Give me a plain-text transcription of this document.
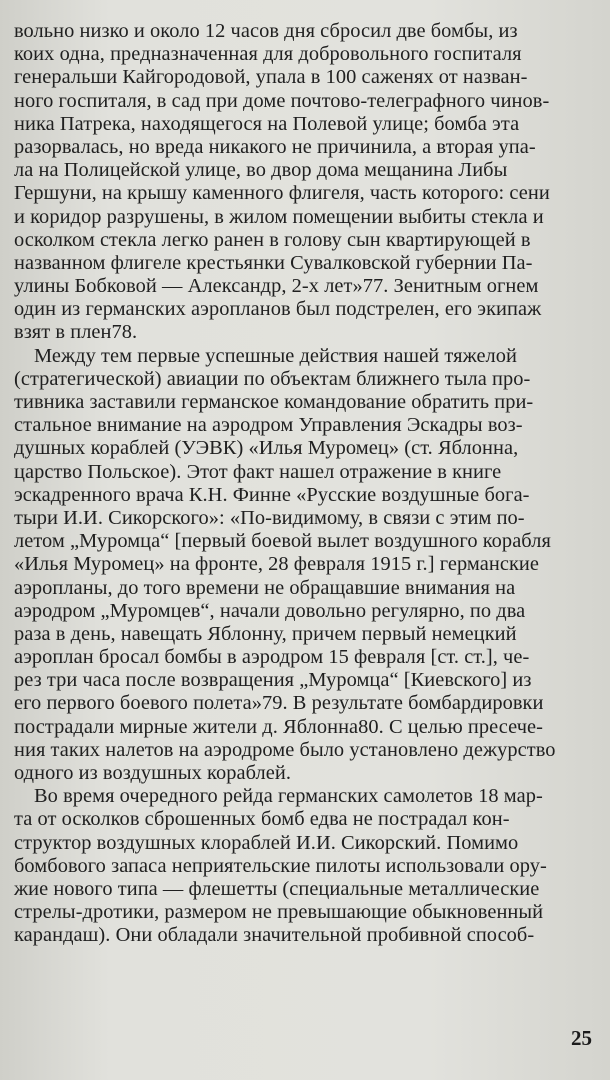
вольно низко и около 12 часов дня сбросил две бомбы, из
коих одна, предназначенная для добровольного госпиталя
генеральши Кайгородовой, упала в 100 саженях от назван-
ного госпиталя, в сад при доме почтово-телеграфного чинов-
ника Патрека, находящегося на Полевой улице; бомба эта
разорвалась, но вреда никакого не причинила, а вторая упа-
ла на Полицейской улице, во двор дома мещанина Либы
Гершуни, на крышу каменного флигеля, часть которого: сени
и коридор разрушены, в жилом помещении выбиты стекла и
осколком стекла легко ранен в голову сын квартирующей в
названном флигеле крестьянки Сувалковской губернии Па-
улины Бобковой — Александр, 2-х лет»77. Зенитным огнем
один из германских аэропланов был подстрелен, его экипаж
взят в плен78.
Между тем первые успешные действия нашей тяжелой
(стратегической) авиации по объектам ближнего тыла про-
тивника заставили германское командование обратить при-
стальное внимание на аэродром Управления Эскадры воз-
душных кораблей (УЭВК) «Илья Муромец» (ст. Яблонна,
царство Польское). Этот факт нашел отражение в книге
эскадренного врача К.Н. Финне «Русские воздушные бога-
тыри И.И. Сикорского»: «По-видимому, в связи с этим по-
летом „Муромца“ [первый боевой вылет воздушного корабля
«Илья Муромец» на фронте, 28 февраля 1915 г.] германские
аэропланы, до того времени не обращавшие внимания на
аэродром „Муромцев“, начали довольно регулярно, по два
раза в день, навещать Яблонну, причем первый немецкий
аэроплан бросал бомбы в аэродром 15 февраля [ст. ст.], че-
рез три часа после возвращения „Муромца“ [Киевского] из
его первого боевого полета»79. В результате бомбардировки
пострадали мирные жители д. Яблонна80. С целью пресече-
ния таких налетов на аэродроме было установлено дежурство
одного из воздушных кораблей.
Во время очередного рейда германских самолетов 18 мар-
та от осколков сброшенных бомб едва не пострадал кон-
структор воздушных клораблей И.И. Сикорский. Помимо
бомбового запаса неприятельские пилоты использовали ору-
жие нового типа — флешетты (специальные металлические
стрелы-дротики, размером не превышающие обыкновенный
карандаш). Они обладали значительной пробивной способ-
25
